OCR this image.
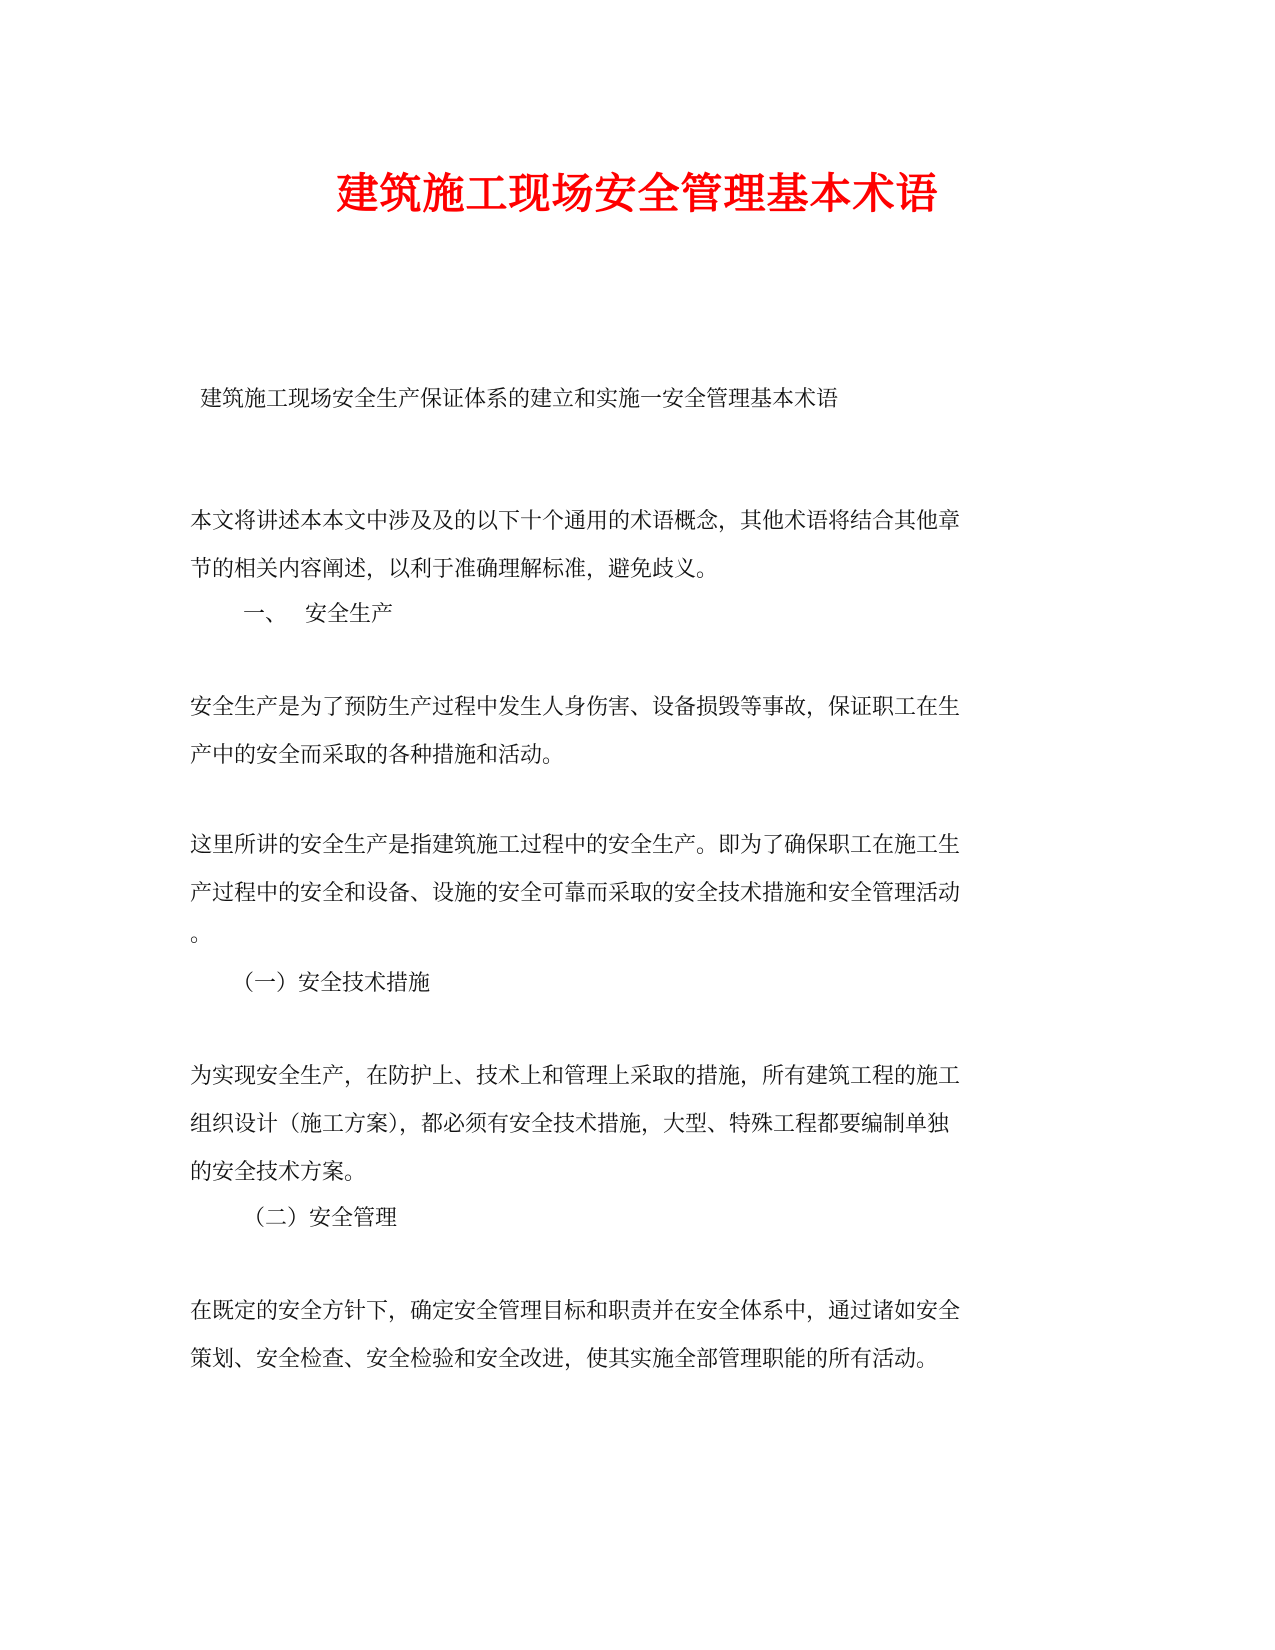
建筑施工现场安全管理基本术语
建筑施工现场安全生产保证体系的建立和实施一安全管理基本术语

本文将讲述本本文中涉及及的以下十个通用的术语概念，其他术语将结合其他章
节的相关内容阐述，以利于准确理解标准，避免歧义。

一、 安全生产

安全生产是为了预防生产过程中发生人身伤害、设备损毁等事故，保证职工在生
产中的安全而采取的各种措施和活动。

这里所讲的安全生产是指建筑施工过程中的安全生产。即为了确保职工在施工生
产过程中的安全和设备、设施的安全可靠而采取的安全技术措施和安全管理活动
。

（一）安全技术措施

为实现安全生产，在防护上、技术上和管理上采取的措施，所有建筑工程的施工
组织设计（施工方案），都必须有安全技术措施，大型、特殊工程都要编制单独
的安全技术方案。

（二）安全管理

在既定的安全方针下，确定安全管理目标和职责并在安全体系中，通过诸如安全
策划、安全检查、安全检验和安全改进，使其实施全部管理职能的所有活动。
